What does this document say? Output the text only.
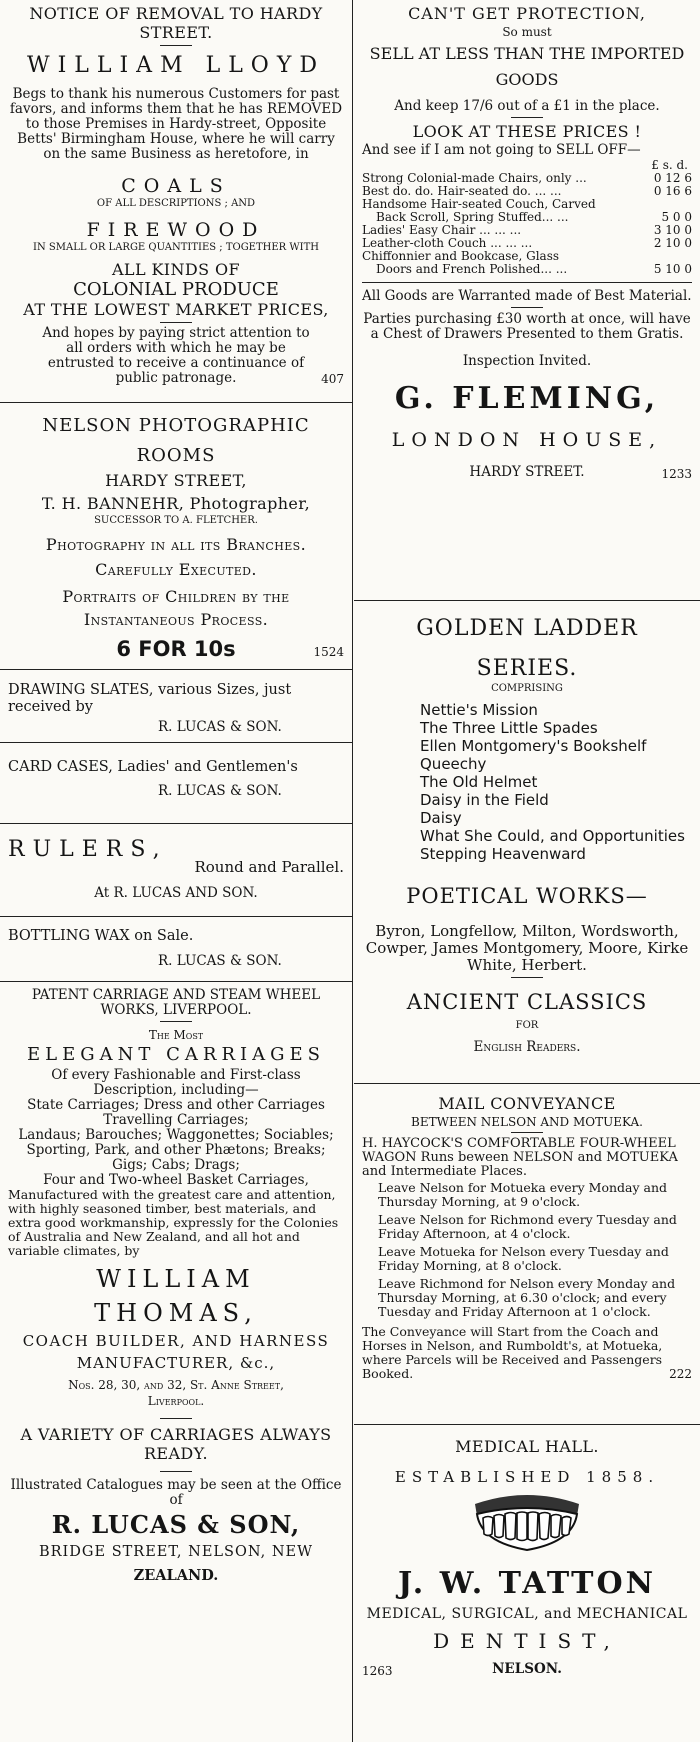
NOTICE OF REMOVAL TO HARDY STREET.
WILLIAM LLOYD
Begs to thank his numerous Customers for past favors, and informs them that he has REMOVED to those Premises in Hardy-street, Opposite Betts' Birmingham House, where he will carry on the same Business as heretofore, in
COALS
OF ALL DESCRIPTIONS ; AND
FIREWOOD
IN SMALL OR LARGE QUANTITIES ; TOGETHER WITH
ALL KINDS OF
COLONIAL PRODUCE
AT THE LOWEST MARKET PRICES,
And hopes by paying strict attention to all orders with which he may be entrusted to receive a continuance of public patronage.	407
NELSON PHOTOGRAPHIC ROOMS
HARDY STREET,
T. H. BANNEHR, Photographer,
SUCCESSOR TO A. FLETCHER.
Photography in all its Branches.
Carefully Executed.
Portraits of Children by the
Instantaneous Process.
6 FOR 10s	1524
DRAWING SLATES, various Sizes, just received by
R. LUCAS & SON.
CARD CASES, Ladies' and Gentlemen's
R. LUCAS & SON.
RULERS,
Round and Parallel.
At R. LUCAS AND SON.
BOTTLING WAX on Sale.
R. LUCAS & SON.
PATENT CARRIAGE AND STEAM WHEEL WORKS, LIVERPOOL.
The Most
ELEGANT CARRIAGES
Of every Fashionable and First-class Description, including—
State Carriages; Dress and other Carriages Travelling Carriages;
Landaus; Barouches; Waggonettes; Sociables; Sporting, Park, and other Phætons; Breaks; Gigs; Cabs; Drags;
Four and Two-wheel Basket Carriages,
Manufactured with the greatest care and attention, with highly seasoned timber, best materials, and extra good workmanship, expressly for the Colonies of Australia and New Zealand, and all hot and variable climates, by
WILLIAM THOMAS,
COACH BUILDER, AND HARNESS
MANUFACTURER, &c.,
Nos. 28, 30, and 32, St. Anne Street,
Liverpool.
A VARIETY OF CARRIAGES ALWAYS READY.
Illustrated Catalogues may be seen at the Office of
R. LUCAS & SON,
BRIDGE STREET, NELSON, NEW
ZEALAND.
CAN'T GET PROTECTION,
So must
SELL AT LESS THAN THE IMPORTED GOODS
And keep 17/6 out of a £1 in the place.
LOOK AT THESE PRICES !
And see if I am not going to SELL OFF—
£ s. d.
Strong Colonial-made Chairs, only ...	0 12 6
Best do. do. Hair-seated do. ... ...	0 16 6
Handsome Hair-seated Couch, Carved	
Back Scroll, Spring Stuffed... ...	5 0 0
Ladies' Easy Chair ... ... ...	3 10 0
Leather-cloth Couch ... ... ...	2 10 0
Chiffonnier and Bookcase, Glass	
Doors and French Polished... ...	5 10 0
All Goods are Warranted made of Best Material.
Parties purchasing £30 worth at once, will have a Chest of Drawers Presented to them Gratis.
Inspection Invited.
G. FLEMING,
LONDON HOUSE,
HARDY STREET.	1233
GOLDEN LADDER SERIES.
COMPRISING
Nettie's Mission
The Three Little Spades
Ellen Montgomery's Bookshelf
Queechy
The Old Helmet
Daisy in the Field
Daisy
What She Could, and Opportunities
Stepping Heavenward
POETICAL WORKS—
Byron, Longfellow, Milton, Wordsworth, Cowper, James Montgomery, Moore, Kirke White, Herbert.
ANCIENT CLASSICS
FOR
English Readers.
MAIL CONVEYANCE
BETWEEN NELSON AND MOTUEKA.
H. HAYCOCK'S COMFORTABLE FOUR-WHEEL WAGON Runs beween NELSON and MOTUEKA and Intermediate Places.
Leave Nelson for Motueka every Monday and Thursday Morning, at 9 o'clock.
Leave Nelson for Richmond every Tuesday and Friday Afternoon, at 4 o'clock.
Leave Motueka for Nelson every Tuesday and Friday Morning, at 8 o'clock.
Leave Richmond for Nelson every Monday and Thursday Morning, at 6.30 o'clock; and every Tuesday and Friday Afternoon at 1 o'clock.
The Conveyance will Start from the Coach and Horses in Nelson, and Rumboldt's, at Motueka, where Parcels will be Received and Passengers Booked.	222
MEDICAL HALL.
ESTABLISHED 1858.
J. W. TATTON
MEDICAL, SURGICAL, and MECHANICAL
DENTIST,
1263	NELSON.
